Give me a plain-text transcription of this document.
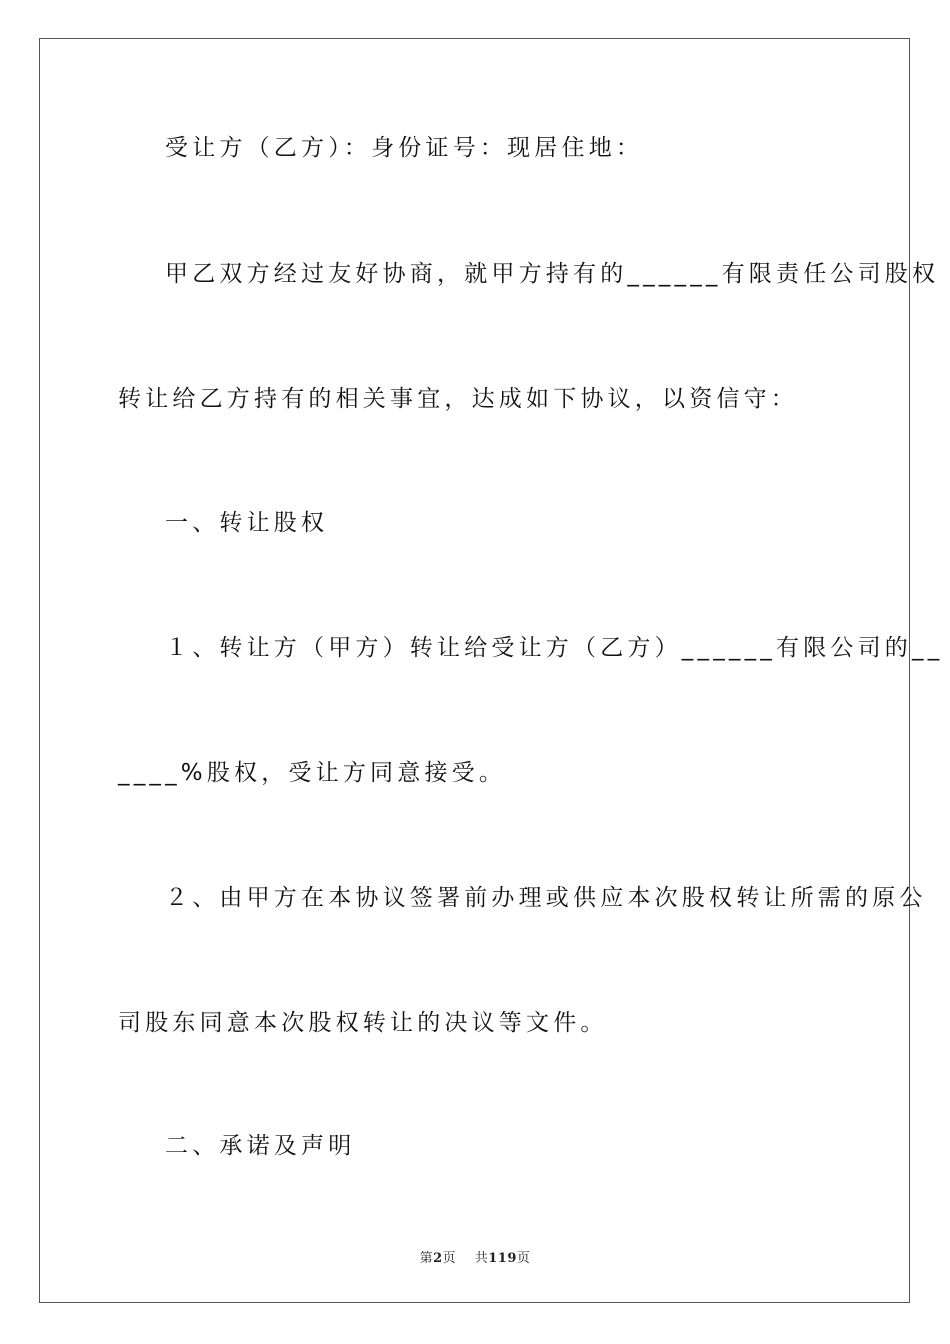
受让方（乙方）：身份证号：现居住地：
甲乙双方经过友好协商，就甲方持有的______有限责任公司股权
转让给乙方持有的相关事宜，达成如下协议，以资信守：
一、转让股权
１、转让方（甲方）转让给受让方（乙方）______有限公司的__
____%股权，受让方同意接受。
２、由甲方在本协议签署前办理或供应本次股权转让所需的原公
司股东同意本次股权转让的决议等文件。
二、承诺及声明
第2页 共119页
